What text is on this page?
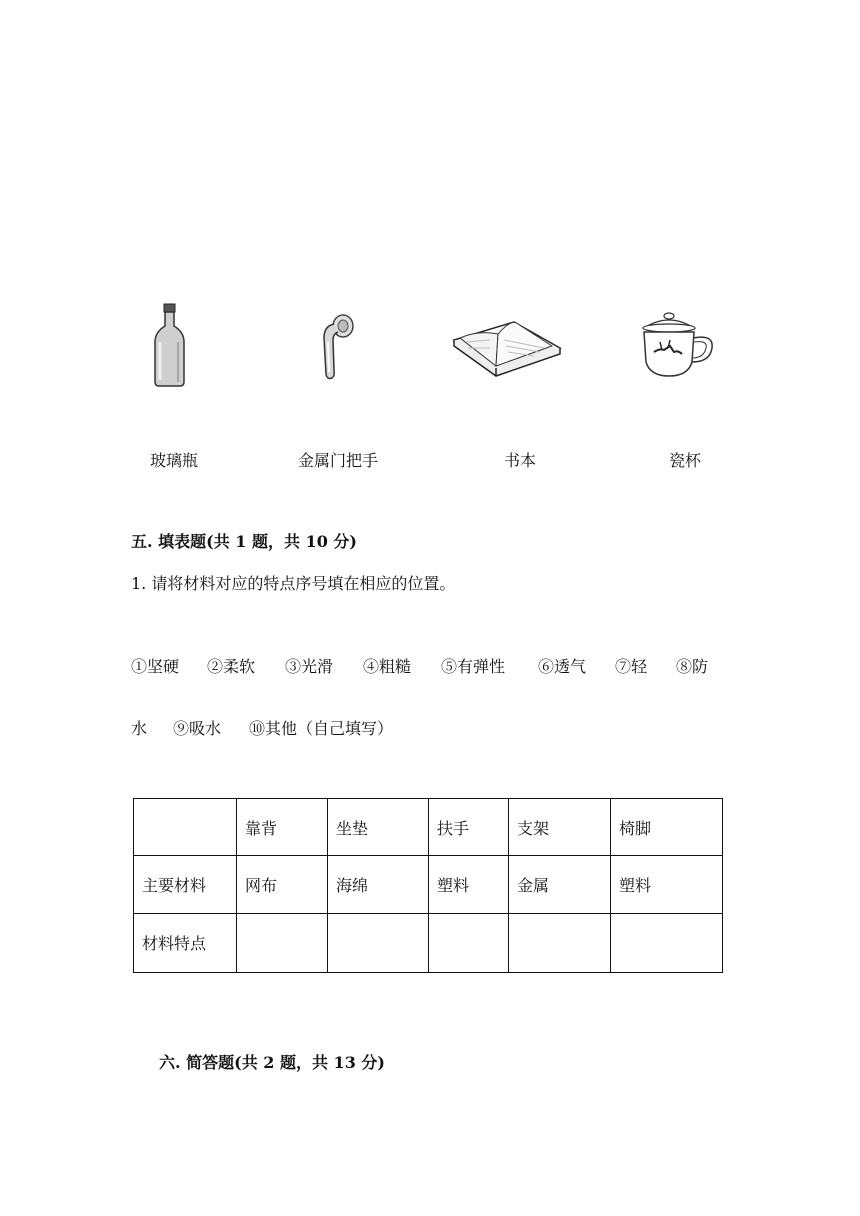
玻璃瓶	金属门把手	书本	瓷杯
五. 填表题(共 1 题，共 10 分)
1. 请将材料对应的特点序号填在相应的位置。
①坚硬 ②柔软 ③光滑 ④粗糙 ⑤有弹性 ⑥透气 ⑦轻 ⑧防
水 ⑨吸水 ⑩其他（自己填写）
	靠背	坐垫	扶手	支架	椅脚
主要材料	网布	海绵	塑料	金属	塑料
材料特点					
六. 简答题(共 2 题，共 13 分)
